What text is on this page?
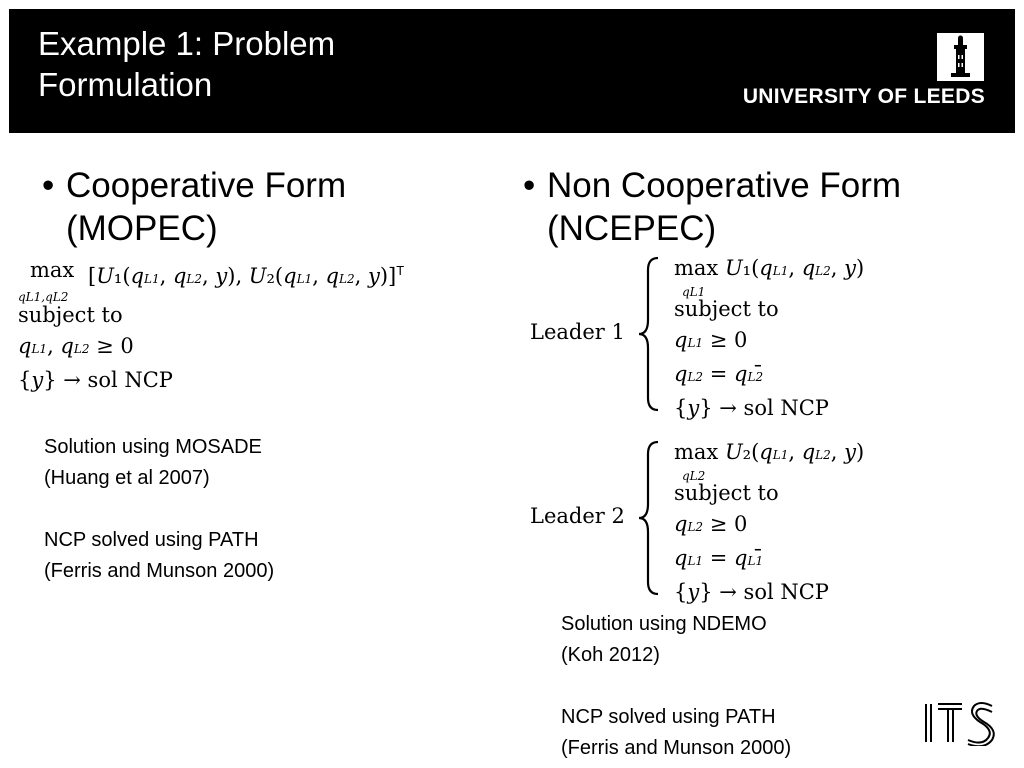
Example 1: Problem
Formulation	UNIVERSITY OF LEEDS
• Cooperative Form
(MOPEC)
max [U₁(qL1, qL2, y), U₂(qL1, qL2, y)]$^T$
qL1,qL2
subject to
qL1, qL2 ≥ 0
{y} → sol NCP
Solution using MOSADE
(Huang et al 2007)
NCP solved using PATH
(Ferris and Munson 2000)
• Non Cooperative Form
(NCEPEC)
Leader 1
max U₁(qL1, qL2, y)
qL1
subject to
qL1 ≥ 0
qL2 = qL2
{y} → sol NCP
Leader 2
max U₂(qL1, qL2, y)
qL2
subject to
qL2 ≥ 0
qL1 = qL1
{y} → sol NCP
Solution using NDEMO
(Koh 2012)
NCP solved using PATH
(Ferris and Munson 2000)
